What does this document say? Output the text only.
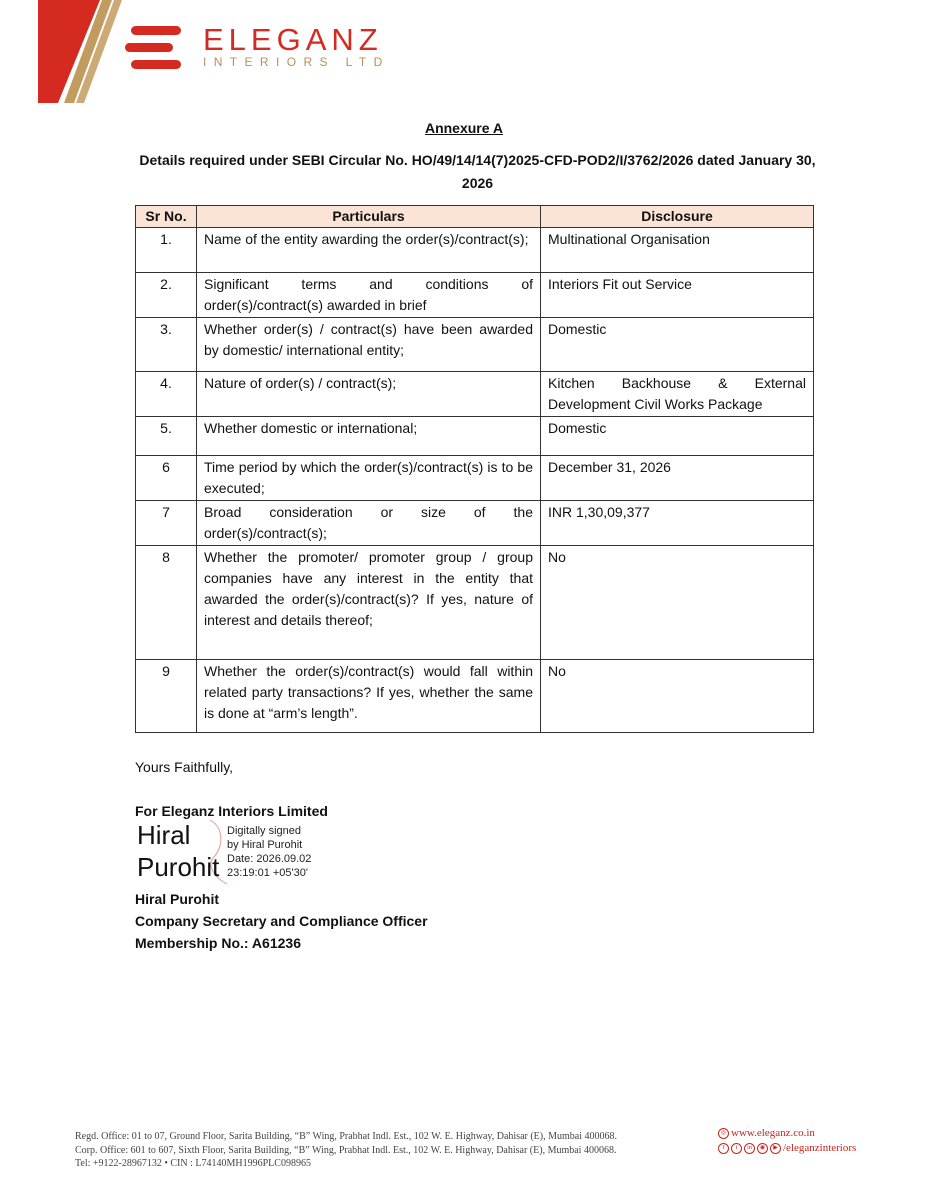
ELEGANZ
INTERIORS LTD
Annexure A
Details required under SEBI Circular No. HO/49/14/14(7)2025-CFD-POD2/I/3762/2026 dated January 30, 2026
Sr No.	Particulars	Disclosure
1.	Name of the entity awarding the order(s)/contract(s);	Multinational Organisation
2.	Significant terms and conditions of order(s)/contract(s) awarded in brief	Interiors Fit out Service
3.	Whether order(s) / contract(s) have been awarded by domestic/ international entity;	Domestic
4.	Nature of order(s) / contract(s);	Kitchen Backhouse & External Development Civil Works Package
5.	Whether domestic or international;	Domestic
6	Time period by which the order(s)/contract(s) is to be executed;	December 31, 2026
7	Broad consideration or size of the order(s)/contract(s);	INR 1,30,09,377
8	Whether the promoter/ promoter group / group companies have any interest in the entity that awarded the order(s)/contract(s)? If yes, nature of interest and details thereof;	No
9	Whether the order(s)/contract(s) would fall within related party transactions? If yes, whether the same is done at “arm’s length”.	No
Yours Faithfully,
For Eleganz Interiors Limited
Hiral
Purohit
Digitally signed
by Hiral Purohit
Date: 2026.09.02
23:19:01 +05'30'
Hiral Purohit
Company Secretary and Compliance Officer
Membership No.: A61236
Regd. Office: 01 to 07, Ground Floor, Sarita Building, “B” Wing, Prabhat Indl. Est., 102 W. E. Highway, Dahisar (E), Mumbai 400068.
Corp. Office: 601 to 607, Sixth Floor, Sarita Building, “B” Wing, Prabhat Indl. Est., 102 W. E. Highway, Dahisar (E), Mumbai 400068.
Tel: +9122-28967132 • CIN : L74140MH1996PLC098965
◎ www.eleganz.co.in
f	t	in	◉	▶ /eleganzinteriors
